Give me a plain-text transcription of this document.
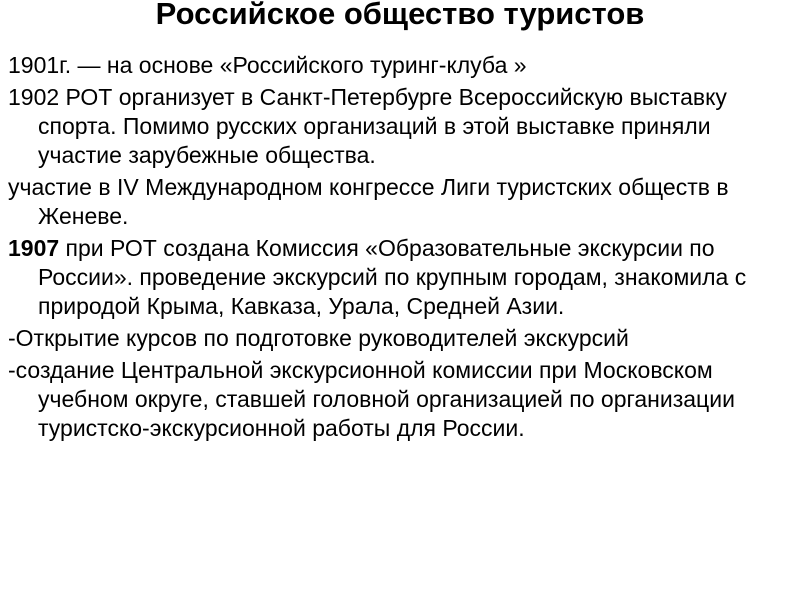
Российское общество туристов

1901г. — на основе «Российского туринг-клуба »

1902 РОТ организует в Санкт-Петербурге Всероссийскую выставку спорта. Помимо русских организаций в этой выставке приняли участие зарубежные общества.

участие в IV Международном конгрессе Лиги туристских обществ в Женеве.

1907 при РОТ создана Комиссия «Образовательные экскурсии по России». проведение экскурсий по крупным городам, знакомила с природой Крыма, Кавказа, Урала, Средней Азии.

-Открытие курсов по подготовке руководителей экскурсий

-создание Центральной экскурсионной комиссии при Московском учебном округе, ставшей головной организацией по организации туристско-экскурсионной работы для России.
